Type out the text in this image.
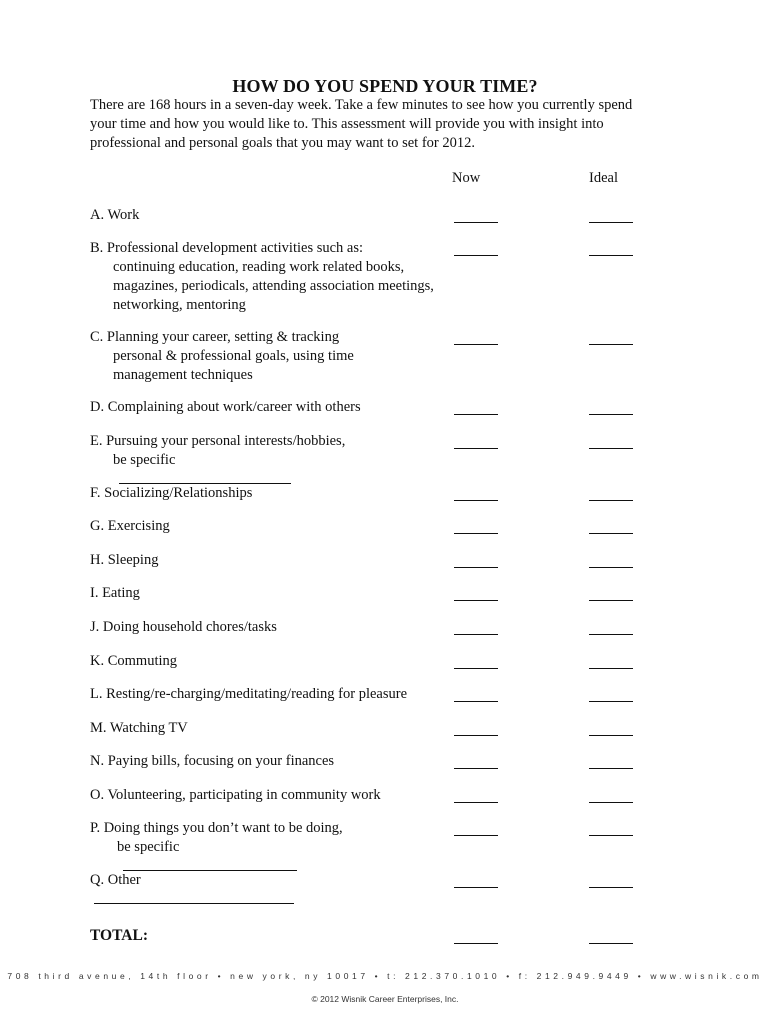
HOW DO YOU SPEND YOUR TIME?
There are 168 hours in a seven-day week. Take a few minutes to see how you currently spend
your time and how you would like to. This assessment will provide you with insight into
professional and personal goals that you may want to set for 2012.
Now	Ideal
A. Work
B. Professional development activities such as:
continuing education, reading work related books,
magazines, periodicals, attending association meetings,
networking, mentoring
C. Planning your career, setting & tracking
personal & professional goals, using time
management techniques
D. Complaining about work/career with others
E. Pursuing your personal interests/hobbies,
be specific
F. Socializing/Relationships
G. Exercising
H. Sleeping
I. Eating
J. Doing household chores/tasks
K. Commuting
L. Resting/re-charging/meditating/reading for pleasure
M. Watching TV
N. Paying bills, focusing on your finances
O. Volunteering, participating in community work
P. Doing things you don’t want to be doing,
be specific
Q. Other
TOTAL:
708 third avenue, 14th floor • new york, ny 10017 • t: 212.370.1010 • f: 212.949.9449 • www.wisnik.com
© 2012 Wisnik Career Enterprises, Inc.
